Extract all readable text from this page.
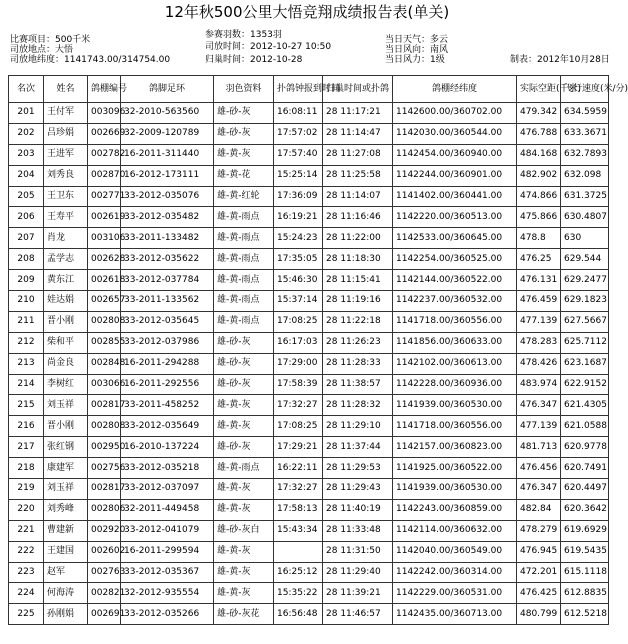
12年秋500公里大悟竞翔成绩报告表(单关)
比赛项目：500千米
司放地点：大悟
司放地纬度：1141743.00/314754.00
参赛羽数：1353羽
司放时间：2012-10-27 10:50
归巢时间：2012-10-28
当日天气：多云
当日风向：南风
当日风力：1级	制表：2012年10月28日
名次	姓名	鸽棚编号	鸽脚足环	羽色资料	扑鸽钟报到时间	归巢时间或扑鸽	鸽棚经纬度	实际空距(千米)	飞行速度(米/分)
201	王付军	003096	32-2010-563560	雄-砂-灰	16:08:11	28 11:17:21	1142600.00/360702.00	479.342	634.5959
202	吕珍娟	002669	32-2009-120789	雄-砂-灰	17:57:02	28 11:14:47	1142030.00/360544.00	476.788	633.3671
203	王进军	002782	16-2011-311440	雄-黄-灰	17:57:40	28 11:27:08	1142454.00/360940.00	484.168	632.7893
204	刘秀良	002870	16-2012-173111	雄-黄-花	15:25:14	28 11:25:58	1142244.00/360901.00	482.902	632.098
205	王卫东	002771	33-2012-035076	雄-黄-红轮	17:36:09	28 11:14:07	1141402.00/360441.00	474.866	631.3725
206	王寿平	002619	33-2012-035482	雄-黄-雨点	16:19:21	28 11:16:46	1142220.00/360513.00	475.866	630.4807
207	肖龙	003106	33-2011-133482	雄-黄-雨点	15:24:23	28 11:22:00	1142533.00/360645.00	478.8	630
208	孟学志	002628	33-2012-035622	雄-黄-雨点	17:35:05	28 11:18:30	1142254.00/360525.00	476.25	629.544
209	黄东江	002618	33-2012-037784	雄-黄-雨点	15:46:30	28 11:15:41	1142144.00/360522.00	476.131	629.2477
210	娃达娟	002657	33-2011-133562	雄-黄-雨点	15:37:14	28 11:19:16	1142237.00/360532.00	476.459	629.1823
211	晋小刚	002808	33-2012-035645	雄-黄-雨点	17:08:25	28 11:22:18	1141718.00/360556.00	477.139	627.5667
212	柴和平	002855	33-2012-037986	雄-砂-灰	16:17:03	28 11:26:23	1141856.00/360633.00	478.283	625.7112
213	尚金良	002848	16-2011-294288	雄-砂-灰	17:29:00	28 11:28:33	1142102.00/360613.00	478.426	623.1687
214	李树红	003066	16-2011-292556	雄-砂-灰	17:58:39	28 11:38:57	1142228.00/360936.00	483.974	622.9152
215	刘玉祥	002817	33-2011-458252	雄-黄-灰	17:32:27	28 11:28:32	1141939.00/360530.00	476.347	621.4305
216	晋小刚	002808	33-2012-035649	雄-黄-灰	17:08:25	28 11:29:10	1141718.00/360556.00	477.139	621.0588
217	张红钢	002950	16-2010-137224	雄-砂-灰	17:29:21	28 11:37:44	1142157.00/360823.00	481.713	620.9778
218	康建军	002756	33-2012-035218	雄-黄-雨点	16:22:11	28 11:29:53	1141925.00/360522.00	476.456	620.7491
219	刘玉祥	002817	33-2012-037097	雄-黄-灰	17:32:27	28 11:29:43	1141939.00/360530.00	476.347	620.4497
220	刘秀峰	002806	32-2011-449458	雄-黄-灰	17:58:13	28 11:40:19	1142243.00/360859.00	482.84	620.3642
221	曹建新	002920	33-2012-041079	雄-砂-灰白	15:43:34	28 11:33:48	1142114.00/360632.00	478.279	619.6929
222	王建国	002602	16-2011-299594	雄-黄-灰		28 11:31:50	1142040.00/360549.00	476.945	619.5435
223	赵军	002763	33-2012-035367	雄-黄-灰	16:25:12	28 11:29:40	1142242.00/360314.00	472.201	615.1118
224	何海涛	002821	32-2012-935554	雄-黄-灰	15:35:22	28 11:39:21	1142229.00/360531.00	476.425	612.8835
225	孙刚娟	002691	33-2012-035266	雄-砂-灰花	16:56:48	28 11:46:57	1142435.00/360713.00	480.799	612.5218
